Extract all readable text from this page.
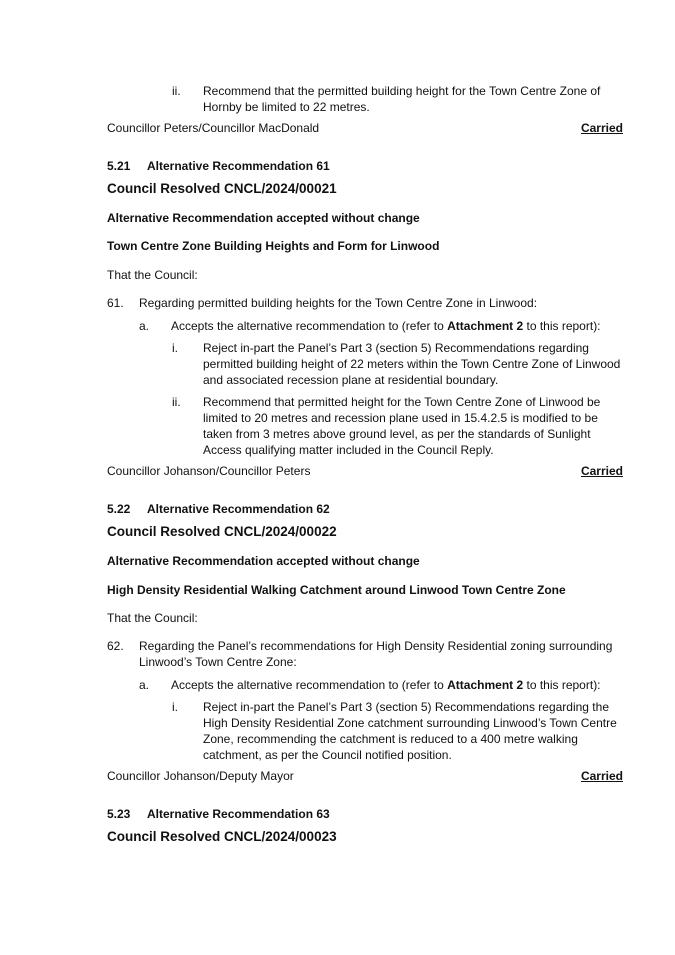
ii. Recommend that the permitted building height for the Town Centre Zone of Hornby be limited to 22 metres.
Councillor Peters/Councillor MacDonald	Carried
5.21 Alternative Recommendation 61
Council Resolved CNCL/2024/00021
Alternative Recommendation accepted without change
Town Centre Zone Building Heights and Form for Linwood
That the Council:
61. Regarding permitted building heights for the Town Centre Zone in Linwood:
a. Accepts the alternative recommendation to (refer to Attachment 2 to this report):
i. Reject in-part the Panel’s Part 3 (section 5) Recommendations regarding permitted building height of 22 meters within the Town Centre Zone of Linwood and associated recession plane at residential boundary.
ii. Recommend that permitted height for the Town Centre Zone of Linwood be limited to 20 metres and recession plane used in 15.4.2.5 is modified to be taken from 3 metres above ground level, as per the standards of Sunlight Access qualifying matter included in the Council Reply.
Councillor Johanson/Councillor Peters	Carried
5.22 Alternative Recommendation 62
Council Resolved CNCL/2024/00022
Alternative Recommendation accepted without change
High Density Residential Walking Catchment around Linwood Town Centre Zone
That the Council:
62. Regarding the Panel’s recommendations for High Density Residential zoning surrounding Linwood’s Town Centre Zone:
a. Accepts the alternative recommendation to (refer to Attachment 2 to this report):
i. Reject in-part the Panel’s Part 3 (section 5) Recommendations regarding the High Density Residential Zone catchment surrounding Linwood’s Town Centre Zone, recommending the catchment is reduced to a 400 metre walking catchment, as per the Council notified position.
Councillor Johanson/Deputy Mayor	Carried
5.23 Alternative Recommendation 63
Council Resolved CNCL/2024/00023
